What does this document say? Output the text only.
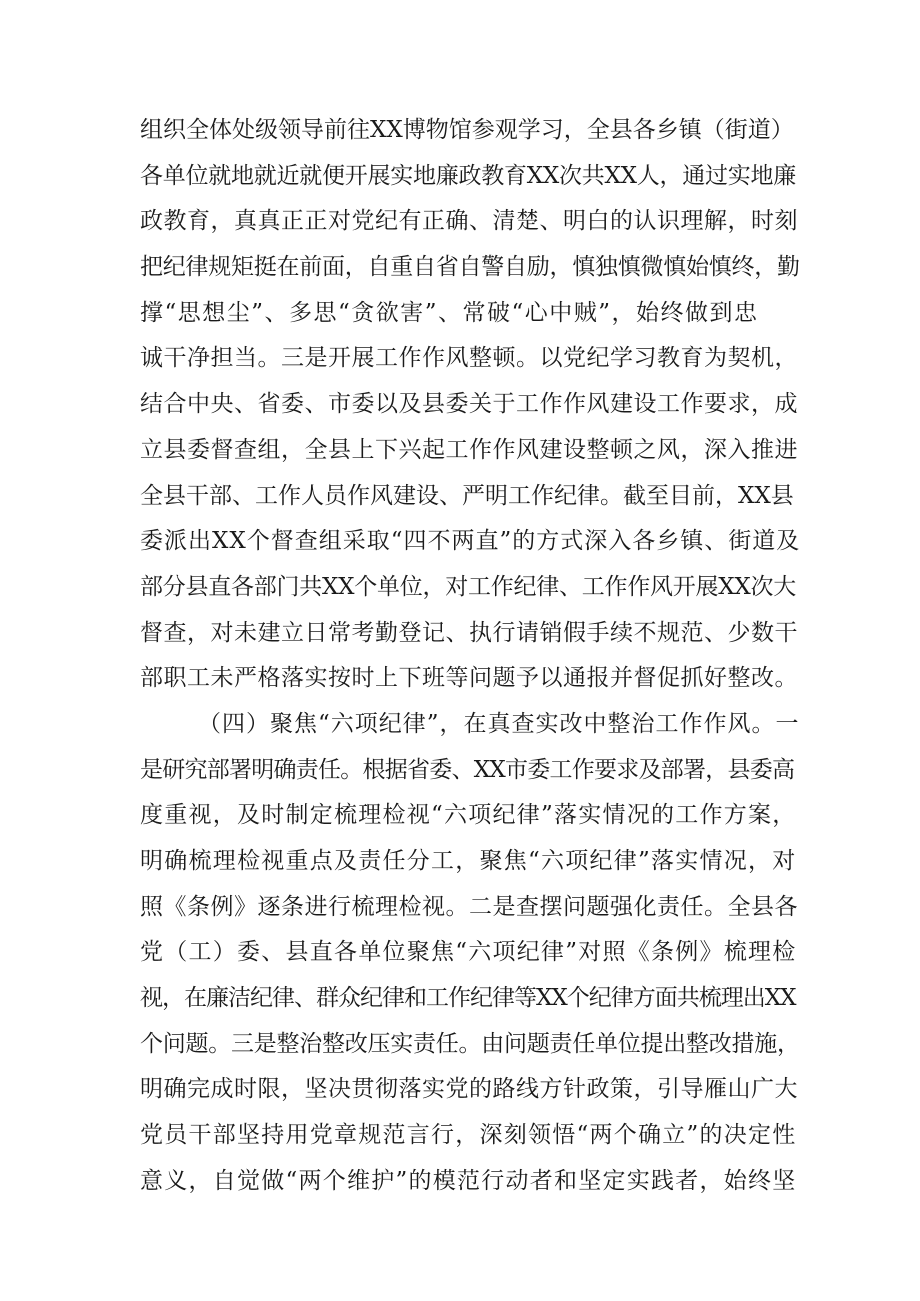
组织全体处级领导前往XX博物馆参观学习，全县各乡镇（街道）
各单位就地就近就便开展实地廉政教育XX次共XX人，通过实地廉
政教育，真真正正对党纪有正确、清楚、明白的认识理解，时刻
把纪律规矩挺在前面，自重自省自警自励，慎独慎微慎始慎终，勤
撑“思想尘”、多思“贪欲害”、常破“心中贼”，始终做到忠
诚干净担当。三是开展工作作风整顿。以党纪学习教育为契机，
结合中央、省委、市委以及县委关于工作作风建设工作要求，成
立县委督查组，全县上下兴起工作作风建设整顿之风，深入推进
全县干部、工作人员作风建设、严明工作纪律。截至目前，XX县
委派出XX个督查组采取“四不两直”的方式深入各乡镇、街道及
部分县直各部门共XX个单位，对工作纪律、工作作风开展XX次大
督查，对未建立日常考勤登记、执行请销假手续不规范、少数干
部职工未严格落实按时上下班等问题予以通报并督促抓好整改。
（四）聚焦“六项纪律”，在真查实改中整治工作作风。一
是研究部署明确责任。根据省委、XX市委工作要求及部署，县委高
度重视，及时制定梳理检视“六项纪律”落实情况的工作方案，
明确梳理检视重点及责任分工，聚焦“六项纪律”落实情况，对
照《条例》逐条进行梳理检视。二是查摆问题强化责任。全县各
党（工）委、县直各单位聚焦“六项纪律”对照《条例》梳理检
视，在廉洁纪律、群众纪律和工作纪律等XX个纪律方面共梳理出XX
个问题。三是整治整改压实责任。由问题责任单位提出整改措施，
明确完成时限，坚决贯彻落实党的路线方针政策，引导雁山广大
党员干部坚持用党章规范言行，深刻领悟“两个确立”的决定性
意义，自觉做“两个维护”的模范行动者和坚定实践者，始终坚
